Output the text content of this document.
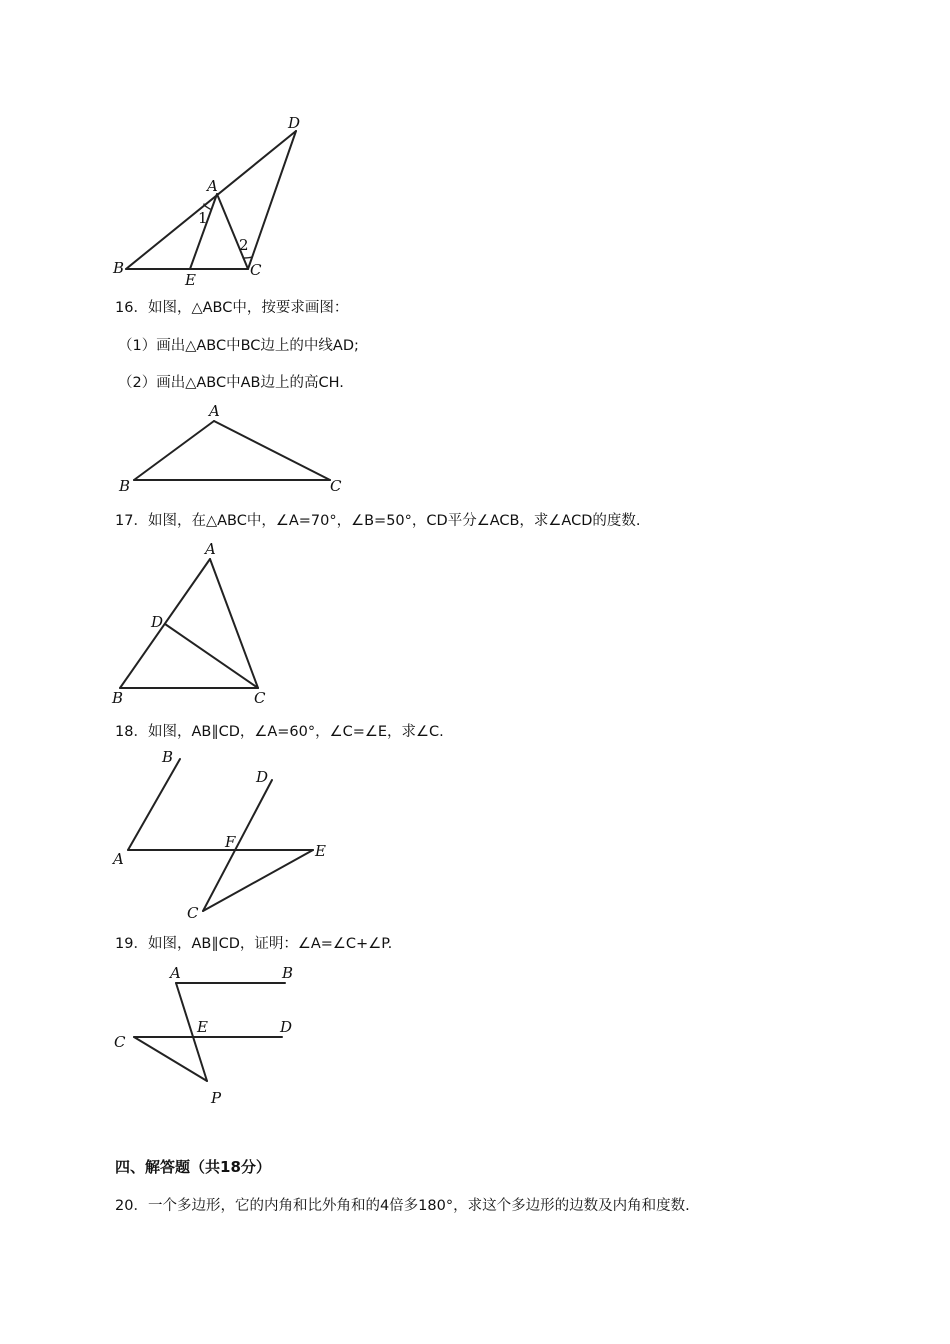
D
A
1
2
B
E
C
16．如图，△ABC中，按要求画图：
（1）画出△ABC中BC边上的中线AD;
（2）画出△ABC中AB边上的高CH.
A
B	C
17．如图，在△ABC中，∠A=70°，∠B=50°，CD平分∠ACB，求∠ACD的度数.
A
D
B	C
18．如图，AB∥CD，∠A=60°，∠C=∠E，求∠C.
B
D
F
A	E
C
19．如图，AB∥CD，证明：∠A=∠C+∠P.
A	B
E	D
C
P
四、解答题（共18分）
20．一个多边形，它的内角和比外角和的4倍多180°，求这个多边形的边数及内角和度数.
